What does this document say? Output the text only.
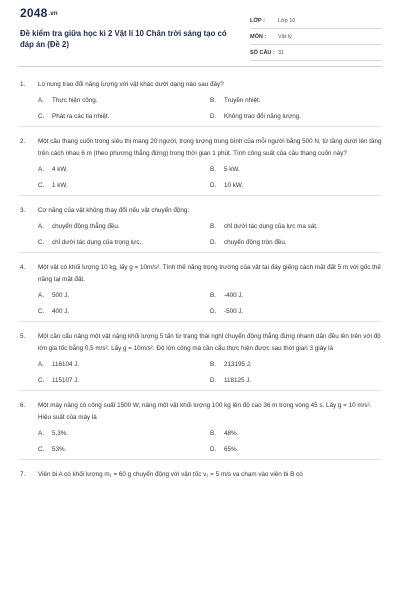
2048.vn
Đề kiểm tra giữa học kì 2 Vật lí 10 Chân trời sáng tạo có đáp án (Đề 2)
LỚP :	Lớp 10
MÔN :	Vật lý
SỐ CÂU : 31
1.	Lò nung trao đổi năng lượng với vật khác dưới dạng nào sau đây?
A.	Thực hiện công.	B.	Truyền nhiệt.
C.	Phát ra các tia nhiệt.	D.	Không trao đổi năng lượng.
2.	Một cầu thang cuốn trong siêu thị mang 20 người, trọng lượng trung bình của mỗi người bằng 500 N, từ tầng dưới lên tầng trên cách nhau 6 m (theo phương thẳng đứng) trong thời gian 1 phút. Tính công suất của cầu thang cuốn này?
A.	4 kW.	B.	5 kW.
C.	1 kW.	D.	10 kW.
3.	Cơ năng của vật không thay đổi nếu vật chuyển động:
A.	chuyển động thẳng đều.	B.	chỉ dưới tác dụng của lực ma sát.
C.	chỉ dưới tác dụng của trọng lực.	D.	chuyển động tròn đều.
4.	Một vật có khối lượng 10 kg, lấy g = 10m/s². Tính thế năng trọng trường của vật tại đáy giếng cách mặt đất 5 m với gốc thế năng tại mặt đất.
A.	500 J.	B.	-400 J.
C.	400 J.	D.	-500 J.
5.	Một cần cẩu nâng một vật nặng khối lượng 5 tấn từ trạng thái nghỉ chuyển động thẳng đứng nhanh dần đều lên trên với độ lớn gia tốc bằng 0,5 m/s². Lấy g = 10m/s². Độ lớn công mà cần cẩu thực hiện được sau thời gian 3 giây là
A.	116104 J.	B.	213195 J.
C.	115107 J.	D.	118125 J.
6.	Một máy nâng có công suất 1500 W, nâng một vật khối lượng 100 kg lên độ cao 36 m trong vòng 45 s. Lấy g = 10 m/s². Hiệu suất của máy là
A.	5,3%.	B.	48%.
C.	53%.	D.	65%.
7.	Viên bi A có khối lượng m₁ = 60 g chuyển động với vận tốc v₁ = 5 m/s va chạm vào viên bi B có
